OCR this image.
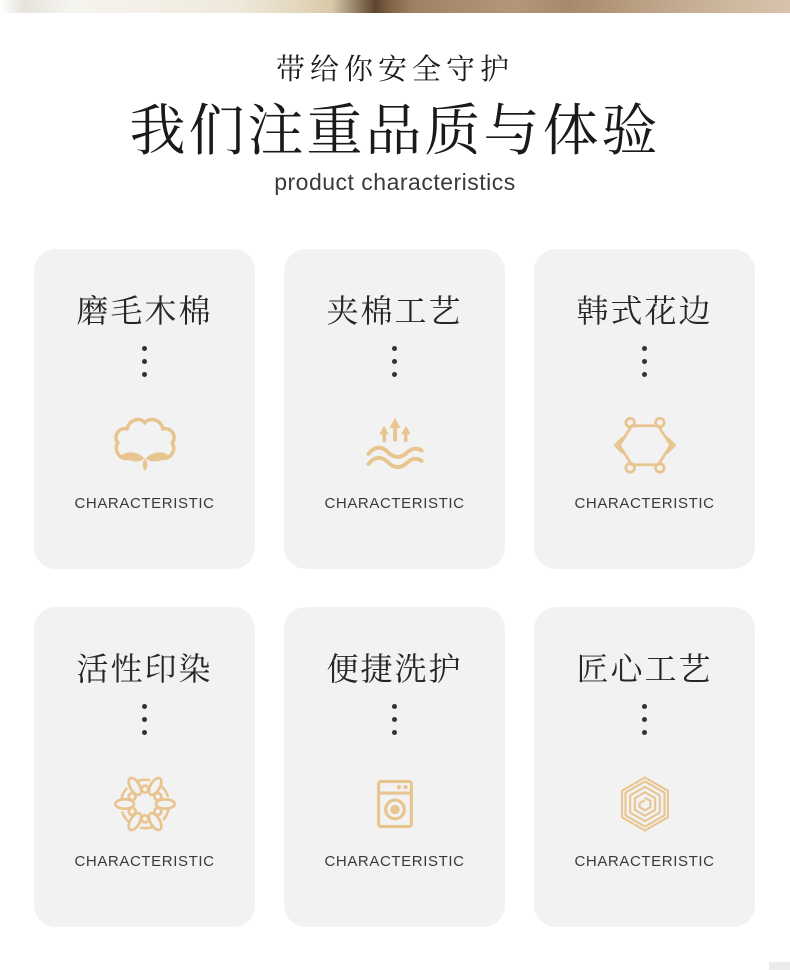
带给你安全守护
我们注重品质与体验
product characteristics
磨毛木棉
CHARACTERISTIC
夹棉工艺
CHARACTERISTIC
韩式花边
CHARACTERISTIC
活性印染
CHARACTERISTIC
便捷洗护
CHARACTERISTIC
匠心工艺
CHARACTERISTIC
